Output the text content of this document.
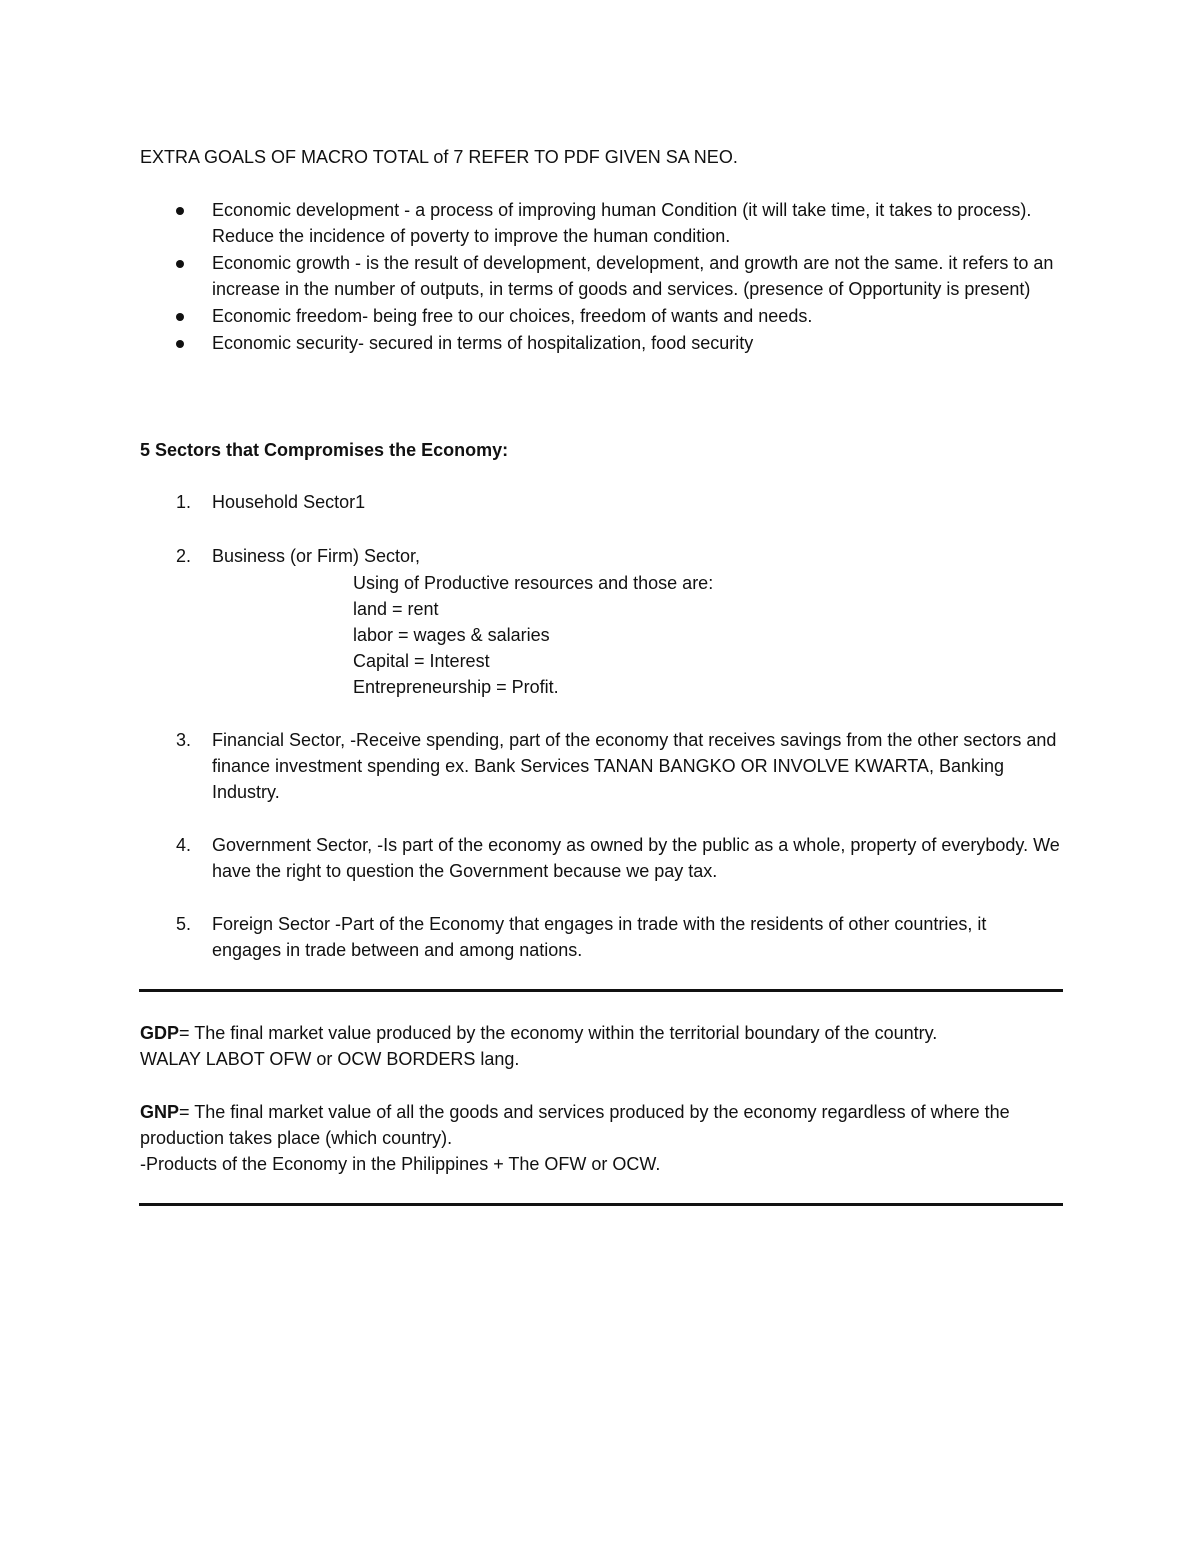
EXTRA GOALS OF MACRO TOTAL of 7 REFER TO PDF GIVEN SA NEO.
Economic development - a process of improving human Condition (it will take time, it takes to process). Reduce the incidence of poverty to improve the human condition.
Economic growth - is the result of development, development, and growth are not the same. it refers to an increase in the number of outputs, in terms of goods and services. (presence of Opportunity is present)
Economic freedom- being free to our choices, freedom of wants and needs.
Economic security- secured in terms of hospitalization, food security
5 Sectors that Compromises the Economy:
1. Household Sector1
2. Business (or Firm) Sector,
Using of Productive resources and those are:
land = rent
labor = wages & salaries
Capital = Interest
Entrepreneurship = Profit.
3. Financial Sector, -Receive spending, part of the economy that receives savings from the other sectors and finance investment spending ex. Bank Services TANAN BANGKO OR INVOLVE KWARTA, Banking Industry.
4. Government Sector, -Is part of the economy as owned by the public as a whole, property of everybody. We have the right to question the Government because we pay tax.
5. Foreign Sector -Part of the Economy that engages in trade with the residents of other countries, it engages in trade between and among nations.
GDP= The final market value produced by the economy within the territorial boundary of the country.
WALAY LABOT OFW or OCW BORDERS lang.
GNP= The final market value of all the goods and services produced by the economy regardless of where the production takes place (which country).
-Products of the Economy in the Philippines + The OFW or OCW.
